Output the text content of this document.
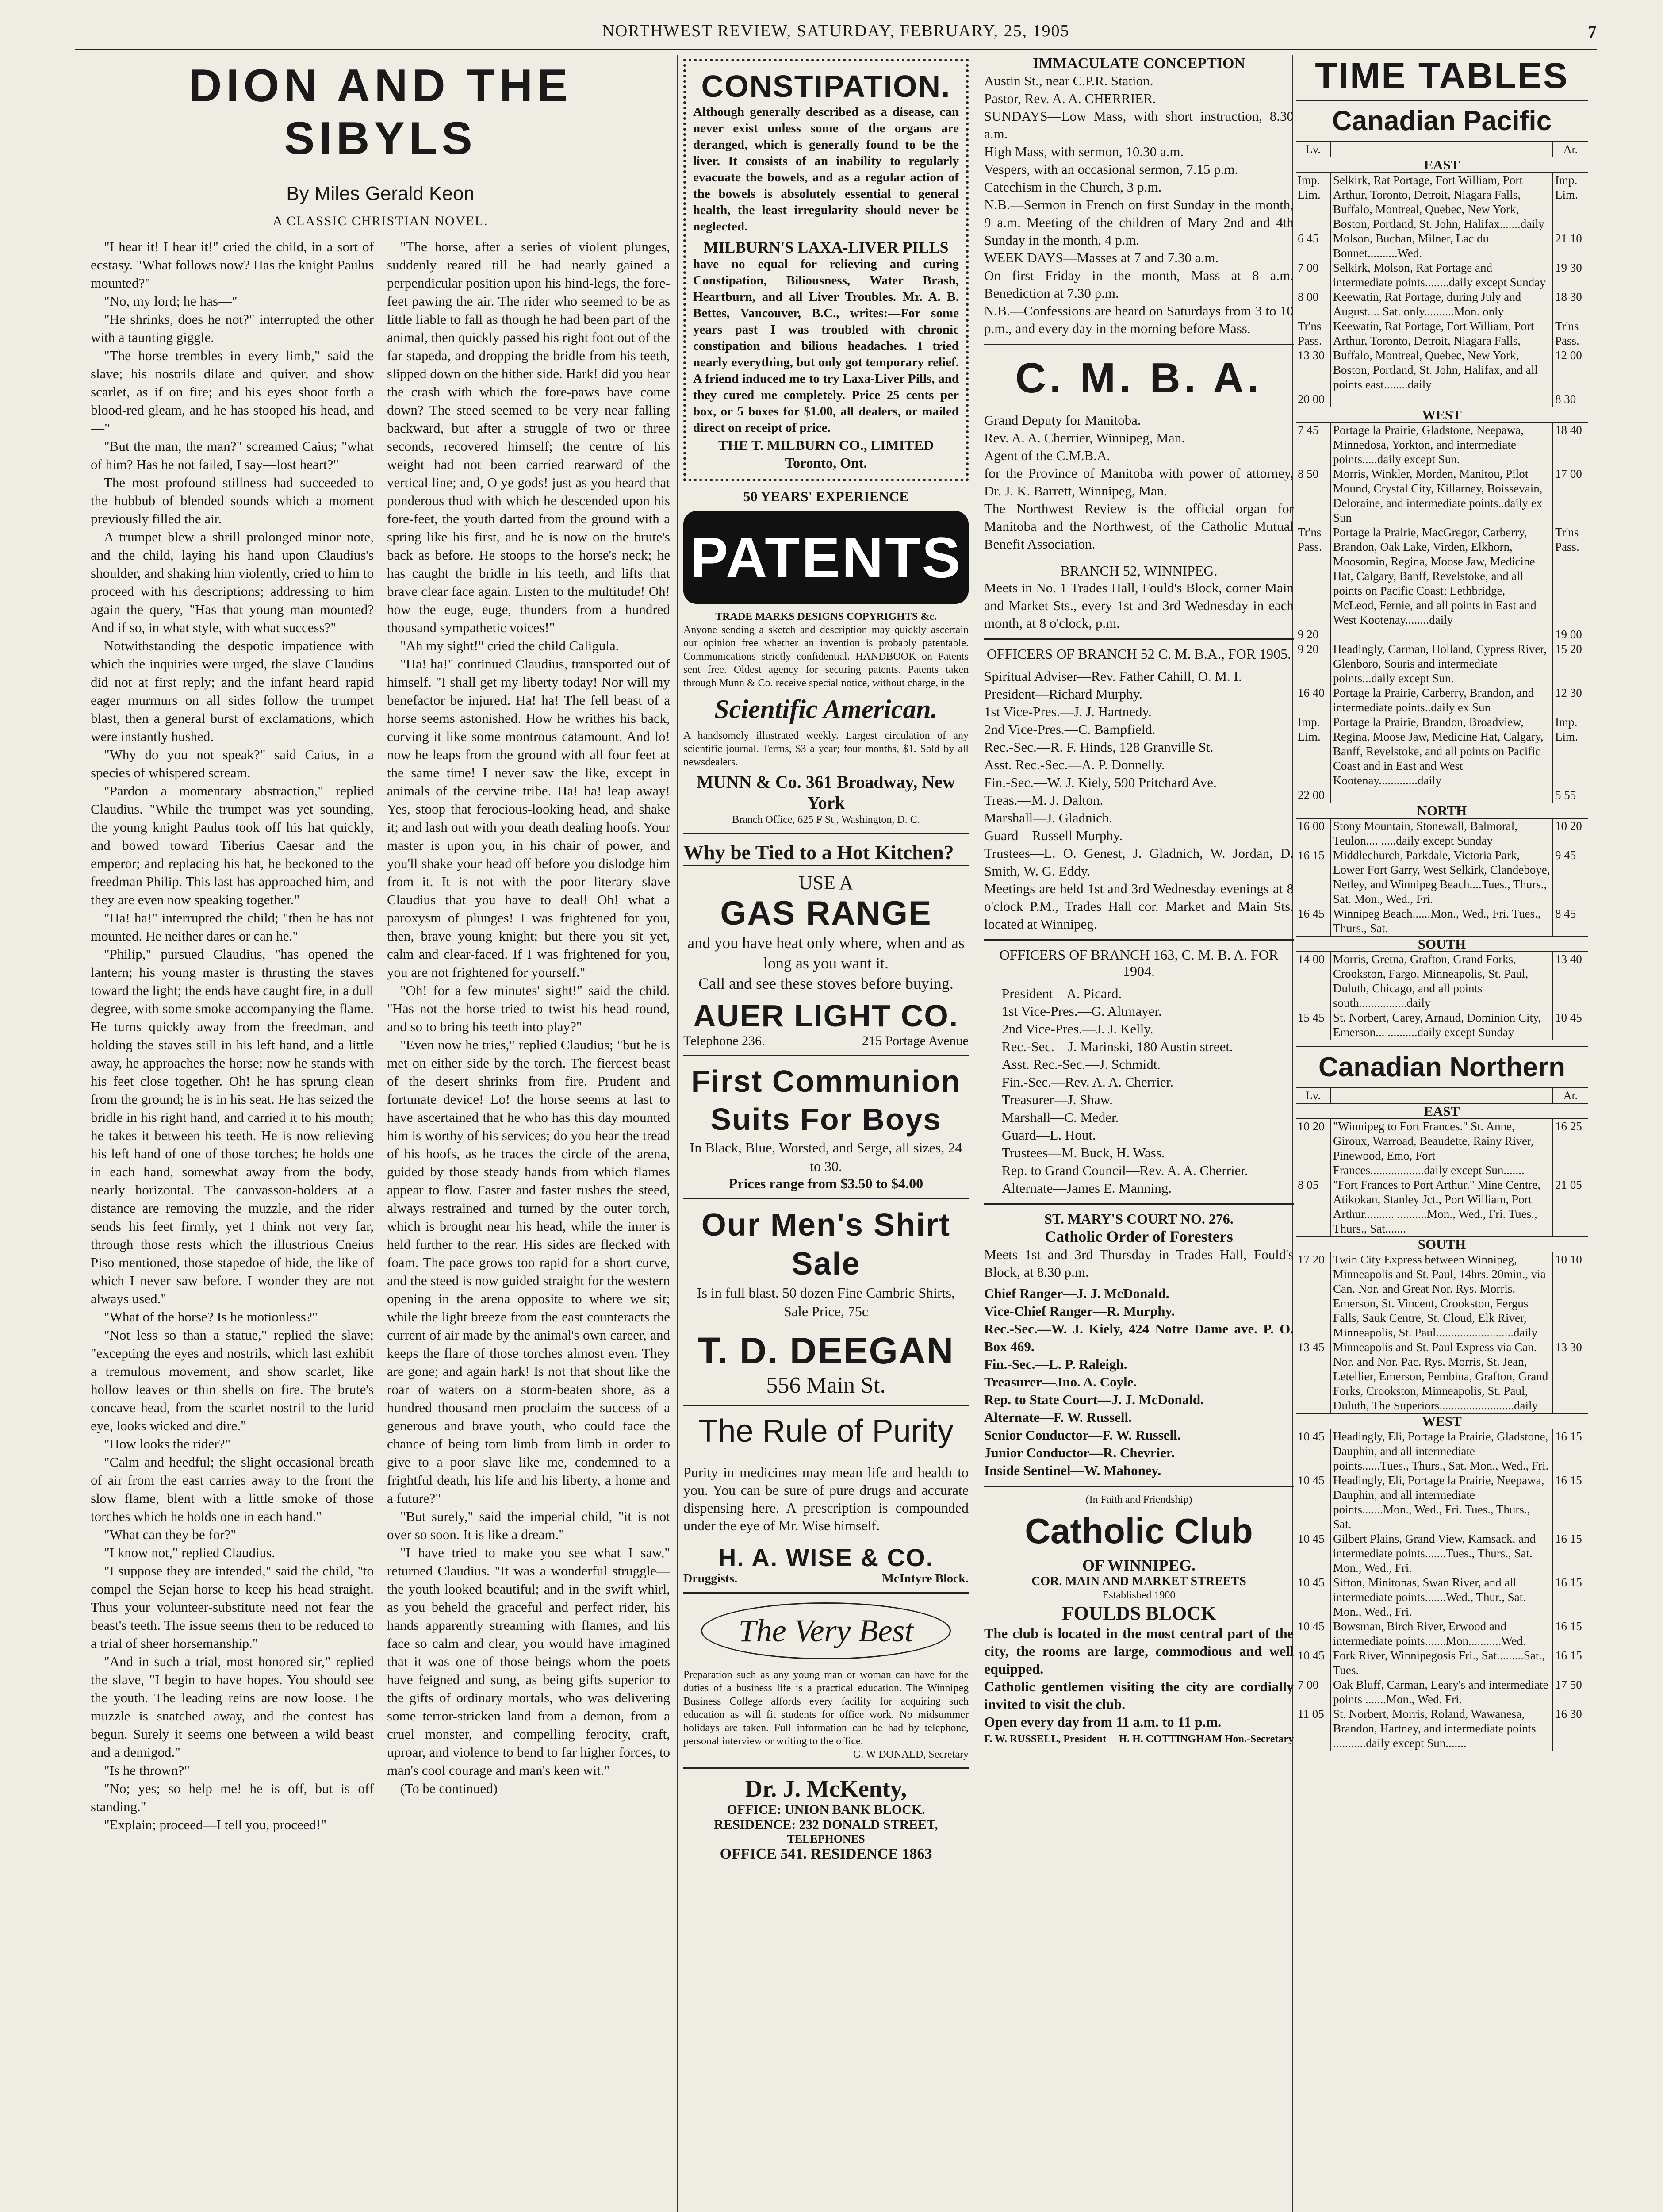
NORTHWEST REVIEW, SATURDAY, FEBRUARY, 25, 1905	7
DION AND THE SIBYLS
By Miles Gerald Keon
A CLASSIC CHRISTIAN NOVEL.

"I hear it! I hear it!" cried the child, in a sort of ecstasy. "What follows now? Has the knight Paulus mounted?"

"No, my lord; he has—"

"He shrinks, does he not?" interrupted the other with a taunting giggle.

"The horse trembles in every limb," said the slave; his nostrils dilate and quiver, and show scarlet, as if on fire; and his eyes shoot forth a blood-red gleam, and he has stooped his head, and—"

"But the man, the man?" screamed Caius; "what of him? Has he not failed, I say—lost heart?"

The most profound stillness had succeeded to the hubbub of blended sounds which a moment previously filled the air.

A trumpet blew a shrill prolonged minor note, and the child, laying his hand upon Claudius's shoulder, and shaking him violently, cried to him to proceed with his descriptions; addressing to him again the query, "Has that young man mounted? And if so, in what style, with what success?"

Notwithstanding the despotic impatience with which the inquiries were urged, the slave Claudius did not at first reply; and the infant heard rapid eager murmurs on all sides follow the trumpet blast, then a general burst of exclamations, which were instantly hushed.

"Why do you not speak?" said Caius, in a species of whispered scream.

"Pardon a momentary abstraction," replied Claudius. "While the trumpet was yet sounding, the young knight Paulus took off his hat quickly, and bowed toward Tiberius Caesar and the emperor; and replacing his hat, he beckoned to the freedman Philip. This last has approached him, and they are even now speaking together."

"Ha! ha!" interrupted the child; "then he has not mounted. He neither dares or can he."

"Philip," pursued Claudius, "has opened the lantern; his young master is thrusting the staves toward the light; the ends have caught fire, in a dull degree, with some smoke accompanying the flame. He turns quickly away from the freedman, and holding the staves still in his left hand, and a little away, he approaches the horse; now he stands with his feet close together. Oh! he has sprung clean from the ground; he is in his seat. He has seized the bridle in his right hand, and carried it to his mouth; he takes it between his teeth. He is now relieving his left hand of one of those torches; he holds one in each hand, somewhat away from the body, nearly horizontal. The canvasson-holders at a distance are removing the muzzle, and the rider sends his feet firmly, yet I think not very far, through those rests which the illustrious Cneius Piso mentioned, those stapedoe of hide, the like of which I never saw before. I wonder they are not always used."

"What of the horse? Is he motionless?"

"Not less so than a statue," replied the slave; "excepting the eyes and nostrils, which last exhibit a tremulous movement, and show scarlet, like hollow leaves or thin shells on fire. The brute's concave head, from the scarlet nostril to the lurid eye, looks wicked and dire."

"How looks the rider?"

"Calm and heedful; the slight occasional breath of air from the east carries away to the front the slow flame, blent with a little smoke of those torches which he holds one in each hand."

"What can they be for?"

"I know not," replied Claudius.

"I suppose they are intended," said the child, "to compel the Sejan horse to keep his head straight. Thus your volunteer-substitute need not fear the beast's teeth. The issue seems then to be reduced to a trial of sheer horsemanship."

"And in such a trial, most honored sir," replied the slave, "I begin to have hopes. You should see the youth. The leading reins are now loose. The muzzle is snatched away, and the contest has begun. Surely it seems one between a wild beast and a demigod."

"Is he thrown?"

"No; yes; so help me! he is off, but is off standing."

"Explain; proceed—I tell you, proceed!"

"The horse, after a series of violent plunges, suddenly reared till he had nearly gained a perpendicular position upon his hind-legs, the fore-feet pawing the air. The rider who seemed to be as little liable to fall as though he had been part of the animal, then quickly passed his right foot out of the far stapeda, and dropping the bridle from his teeth, slipped down on the hither side. Hark! did you hear the crash with which the fore-paws have come down? The steed seemed to be very near falling backward, but after a struggle of two or three seconds, recovered himself; the centre of his weight had not been carried rearward of the vertical line; and, O ye gods! just as you heard that ponderous thud with which he descended upon his fore-feet, the youth darted from the ground with a spring like his first, and he is now on the brute's back as before. He stoops to the horse's neck; he has caught the bridle in his teeth, and lifts that brave clear face again. Listen to the multitude! Oh! how the euge, euge, thunders from a hundred thousand sympathetic voices!"

"Ah my sight!" cried the child Caligula.

"Ha! ha!" continued Claudius, transported out of himself. "I shall get my liberty today! Nor will my benefactor be injured. Ha! ha! The fell beast of a horse seems astonished. How he writhes his back, curving it like some montrous catamount. And lo! now he leaps from the ground with all four feet at the same time! I never saw the like, except in animals of the cervine tribe. Ha! ha! leap away! Yes, stoop that ferocious-looking head, and shake it; and lash out with your death dealing hoofs. Your master is upon you, in his chair of power, and you'll shake your head off before you dislodge him from it. It is not with the poor literary slave Claudius that you have to deal! Oh! what a paroxysm of plunges! I was frightened for you, then, brave young knight; but there you sit yet, calm and clear-faced. If I was frightened for you, you are not frightened for yourself."

"Oh! for a few minutes' sight!" said the child. "Has not the horse tried to twist his head round, and so to bring his teeth into play?"

"Even now he tries," replied Claudius; "but he is met on either side by the torch. The fiercest beast of the desert shrinks from fire. Prudent and fortunate device! Lo! the horse seems at last to have ascertained that he who has this day mounted him is worthy of his services; do you hear the tread of his hoofs, as he traces the circle of the arena, guided by those steady hands from which flames appear to flow. Faster and faster rushes the steed, always restrained and turned by the outer torch, which is brought near his head, while the inner is held further to the rear. His sides are flecked with foam. The pace grows too rapid for a short curve, and the steed is now guided straight for the western opening in the arena opposite to where we sit; while the light breeze from the east counteracts the current of air made by the animal's own career, and keeps the flare of those torches almost even. They are gone; and again hark! Is not that shout like the roar of waters on a storm-beaten shore, as a hundred thousand men proclaim the success of a generous and brave youth, who could face the chance of being torn limb from limb in order to give to a poor slave like me, condemned to a frightful death, his life and his liberty, a home and a future?"

"But surely," said the imperial child, "it is not over so soon. It is like a dream."

"I have tried to make you see what I saw," returned Claudius. "It was a wonderful struggle—the youth looked beautiful; and in the swift whirl, as you beheld the graceful and perfect rider, his hands apparently streaming with flames, and his face so calm and clear, you would have imagined that it was one of those beings whom the poets have feigned and sung, as being gifts superior to the gifts of ordinary mortals, who was delivering some terror-stricken land from a demon, from a cruel monster, and compelling ferocity, craft, uproar, and violence to bend to far higher forces, to man's cool courage and man's keen wit."

(To be continued)

CONSTIPATION.

Although generally described as a disease, can never exist unless some of the organs are deranged, which is generally found to be the liver. It consists of an inability to regularly evacuate the bowels, and as a regular action of the bowels is absolutely essential to general health, the least irregularity should never be neglected.

MILBURN'S LAXA-LIVER PILLS

have no equal for relieving and curing Constipation, Biliousness, Water Brash, Heartburn, and all Liver Troubles. Mr. A. B. Bettes, Vancouver, B.C., writes:—For some years past I was troubled with chronic constipation and bilious headaches. I tried nearly everything, but only got temporary relief. A friend induced me to try Laxa-Liver Pills, and they cured me completely. Price 25 cents per box, or 5 boxes for $1.00, all dealers, or mailed direct on receipt of price.

THE T. MILBURN CO., LIMITED Toronto, Ont.
50 YEARS' EXPERIENCE
PATENTS
TRADE MARKS DESIGNS COPYRIGHTS &c.

Anyone sending a sketch and description may quickly ascertain our opinion free whether an invention is probably patentable. Communications strictly confidential. HANDBOOK on Patents sent free. Oldest agency for securing patents. Patents taken through Munn & Co. receive special notice, without charge, in the

Scientific American.

A handsomely illustrated weekly. Largest circulation of any scientific journal. Terms, $3 a year; four months, $1. Sold by all newsdealers.

MUNN & Co. 361 Broadway, New York
Branch Office, 625 F St., Washington, D. C.
Why be Tied to a Hot Kitchen?
USE A
GAS RANGE

and you have heat only where, when and as long as you want it.

Call and see these stoves before buying.

AUER LIGHT CO.
Telephone 236.	215 Portage Avenue
First Communion Suits For Boys

In Black, Blue, Worsted, and Serge, all sizes, 24 to 30.

Prices range from $3.50 to $4.00

Our Men's Shirt Sale

Is in full blast. 50 dozen Fine Cambric Shirts, Sale Price, 75c

T. D. DEEGAN
556 Main St.
The Rule of Purity

Purity in medicines may mean life and health to you. You can be sure of pure drugs and accurate dispensing here. A prescription is compounded under the eye of Mr. Wise himself.

H. A. WISE & CO.
Druggists.	McIntyre Block.
The Very Best

Preparation such as any young man or woman can have for the duties of a business life is a practical education. The Winnipeg Business College affords every facility for acquiring such education as will fit students for office work. No midsummer holidays are taken. Full information can be had by telephone, personal interview or writing to the office.

G. W DONALD, Secretary
Dr. J. McKenty,
OFFICE: UNION BANK BLOCK.
RESIDENCE: 232 DONALD STREET,
TELEPHONES
OFFICE 541. RESIDENCE 1863
IMMACULATE CONCEPTION

Austin St., near C.P.R. Station.

Pastor, Rev. A. A. CHERRIER.

SUNDAYS—Low Mass, with short instruction, 8.30 a.m.

High Mass, with sermon, 10.30 a.m.

Vespers, with an occasional sermon, 7.15 p.m.

Catechism in the Church, 3 p.m.

N.B.—Sermon in French on first Sunday in the month, 9 a.m. Meeting of the children of Mary 2nd and 4th Sunday in the month, 4 p.m.

WEEK DAYS—Masses at 7 and 7.30 a.m.

On first Friday in the month, Mass at 8 a.m. Benediction at 7.30 p.m.

N.B.—Confessions are heard on Saturdays from 3 to 10 p.m., and every day in the morning before Mass.

C. M. B. A.

Grand Deputy for Manitoba.

Rev. A. A. Cherrier, Winnipeg, Man.

Agent of the C.M.B.A.

for the Province of Manitoba with power of attorney, Dr. J. K. Barrett, Winnipeg, Man.

The Northwest Review is the official organ for Manitoba and the Northwest, of the Catholic Mutual Benefit Association.

BRANCH 52, WINNIPEG.

Meets in No. 1 Trades Hall, Fould's Block, corner Main and Market Sts., every 1st and 3rd Wednesday in each month, at 8 o'clock, p.m.

OFFICERS OF BRANCH 52 C. M. B.A., FOR 1905.

Spiritual Adviser—Rev. Father Cahill, O. M. I.

President—Richard Murphy.

1st Vice-Pres.—J. J. Hartnedy.

2nd Vice-Pres.—C. Bampfield.

Rec.-Sec.—R. F. Hinds, 128 Granville St.

Asst. Rec.-Sec.—A. P. Donnelly.

Fin.-Sec.—W. J. Kiely, 590 Pritchard Ave.

Treas.—M. J. Dalton.

Marshall—J. Gladnich.

Guard—Russell Murphy.

Trustees—L. O. Genest, J. Gladnich, W. Jordan, D. Smith, W. G. Eddy.

Meetings are held 1st and 3rd Wednesday evenings at 8 o'clock P.M., Trades Hall cor. Market and Main Sts. located at Winnipeg.

OFFICERS OF BRANCH 163, C. M. B. A. FOR 1904.

President—A. Picard.

1st Vice-Pres.—G. Altmayer.

2nd Vice-Pres.—J. J. Kelly.

Rec.-Sec.—J. Marinski, 180 Austin street.

Asst. Rec.-Sec.—J. Schmidt.

Fin.-Sec.—Rev. A. A. Cherrier.

Treasurer—J. Shaw.

Marshall—C. Meder.

Guard—L. Hout.

Trustees—M. Buck, H. Wass.

Rep. to Grand Council—Rev. A. A. Cherrier.

Alternate—James E. Manning.

ST. MARY'S COURT NO. 276.
Catholic Order of Foresters

Meets 1st and 3rd Thursday in Trades Hall, Fould's Block, at 8.30 p.m.

Chief Ranger—J. J. McDonald.

Vice-Chief Ranger—R. Murphy.

Rec.-Sec.—W. J. Kiely, 424 Notre Dame ave. P. O. Box 469.

Fin.-Sec.—L. P. Raleigh.

Treasurer—Jno. A. Coyle.

Rep. to State Court—J. J. McDonald.

Alternate—F. W. Russell.

Senior Conductor—F. W. Russell.

Junior Conductor—R. Chevrier.

Inside Sentinel—W. Mahoney.

(In Faith and Friendship)
Catholic Club
OF WINNIPEG.
COR. MAIN AND MARKET STREETS
Established 1900
FOULDS BLOCK

The club is located in the most central part of the city, the rooms are large, commodious and well equipped.

Catholic gentlemen visiting the city are cordially invited to visit the club.

Open every day from 11 a.m. to 11 p.m.

F. W. RUSSELL, President H. H. COTTINGHAM Hon.-Secretary
TIME TABLES
Canadian Pacific
Lv.		Ar.
EAST		
Imp. Lim.	Selkirk, Rat Portage, Fort William, Port Arthur, Toronto, Detroit, Niagara Falls, Buffalo, Montreal, Quebec, New York, Boston, Portland, St. John, Halifax.......daily	Imp. Lim.
6 45	Molson, Buchan, Milner, Lac du Bonnet..........Wed.	21 10
7 00	Selkirk, Molson, Rat Portage and intermediate points........daily except Sunday	19 30
8 00	Keewatin, Rat Portage, during July and August.... Sat. only..........Mon. only	18 30
Tr'ns Pass. 13 30	Keewatin, Rat Portage, Fort William, Port Arthur, Toronto, Detroit, Niagara Falls, Buffalo, Montreal, Quebec, New York, Boston, Portland, St. John, Halifax, and all points east........daily	Tr'ns Pass. 12 00
20 00		8 30
WEST		
7 45	Portage la Prairie, Gladstone, Neepawa, Minnedosa, Yorkton, and intermediate points.....daily except Sun.	18 40
8 50	Morris, Winkler, Morden, Manitou, Pilot Mound, Crystal City, Killarney, Boissevain, Deloraine, and intermediate points..daily ex Sun	17 00
Tr'ns Pass.	Portage la Prairie, MacGregor, Carberry, Brandon, Oak Lake, Virden, Elkhorn, Moosomin, Regina, Moose Jaw, Medicine Hat, Calgary, Banff, Revelstoke, and all points on Pacific Coast; Lethbridge, McLeod, Fernie, and all points in East and West Kootenay........daily	Tr'ns Pass.
9 20		19 00
9 20	Headingly, Carman, Holland, Cypress River, Glenboro, Souris and intermediate points...daily except Sun.	15 20
16 40	Portage la Prairie, Carberry, Brandon, and intermediate points..daily ex Sun	12 30
Imp. Lim.	Portage la Prairie, Brandon, Broadview, Regina, Moose Jaw, Medicine Hat, Calgary, Banff, Revelstoke, and all points on Pacific Coast and in East and West Kootenay.............daily	Imp. Lim.
22 00		5 55
NORTH		
16 00	Stony Mountain, Stonewall, Balmoral, Teulon.... .....daily except Sunday	10 20
16 15	Middlechurch, Parkdale, Victoria Park, Lower Fort Garry, West Selkirk, Clandeboye, Netley, and Winnipeg Beach....Tues., Thurs., Sat. Mon., Wed., Fri.	9 45
16 45	Winnipeg Beach......Mon., Wed., Fri. Tues., Thurs., Sat.	8 45
SOUTH		
14 00	Morris, Gretna, Grafton, Grand Forks, Crookston, Fargo, Minneapolis, St. Paul, Duluth, Chicago, and all points south................daily	13 40
15 45	St. Norbert, Carey, Arnaud, Dominion City, Emerson... ..........daily except Sunday	10 45
Canadian Northern
Lv.		Ar.
EAST		
10 20	"Winnipeg to Fort Frances." St. Anne, Giroux, Warroad, Beaudette, Rainy River, Pinewood, Emo, Fort Frances..................daily except Sun.......	16 25
8 05	"Fort Frances to Port Arthur." Mine Centre, Atikokan, Stanley Jct., Port William, Port Arthur.......... ..........Mon., Wed., Fri. Tues., Thurs., Sat.......	21 05
SOUTH		
17 20	Twin City Express between Winnipeg, Minneapolis and St. Paul, 14hrs. 20min., via Can. Nor. and Great Nor. Rys. Morris, Emerson, St. Vincent, Crookston, Fergus Falls, Sauk Centre, St. Cloud, Elk River, Minneapolis, St. Paul..........................daily	10 10
13 45	Minneapolis and St. Paul Express via Can. Nor. and Nor. Pac. Rys. Morris, St. Jean, Letellier, Emerson, Pembina, Grafton, Grand Forks, Crookston, Minneapolis, St. Paul, Duluth, The Superiors.........................daily	13 30
WEST		
10 45	Headingly, Eli, Portage la Prairie, Gladstone, Dauphin, and all intermediate points......Tues., Thurs., Sat. Mon., Wed., Fri.	16 15
10 45	Headingly, Eli, Portage la Prairie, Neepawa, Dauphin, and all intermediate points.......Mon., Wed., Fri. Tues., Thurs., Sat.	16 15
10 45	Gilbert Plains, Grand View, Kamsack, and intermediate points.......Tues., Thurs., Sat. Mon., Wed., Fri.	16 15
10 45	Sifton, Minitonas, Swan River, and all intermediate points.......Wed., Thur., Sat. Mon., Wed., Fri.	16 15
10 45	Bowsman, Birch River, Erwood and intermediate points.......Mon...........Wed.	16 15
10 45	Fork River, Winnipegosis Fri., Sat.........Sat., Tues.	16 15
7 00	Oak Bluff, Carman, Leary's and intermediate points .......Mon., Wed. Fri.	17 50
11 05	St. Norbert, Morris, Roland, Wawanesa, Brandon, Hartney, and intermediate points ...........daily except Sun.......	16 30
